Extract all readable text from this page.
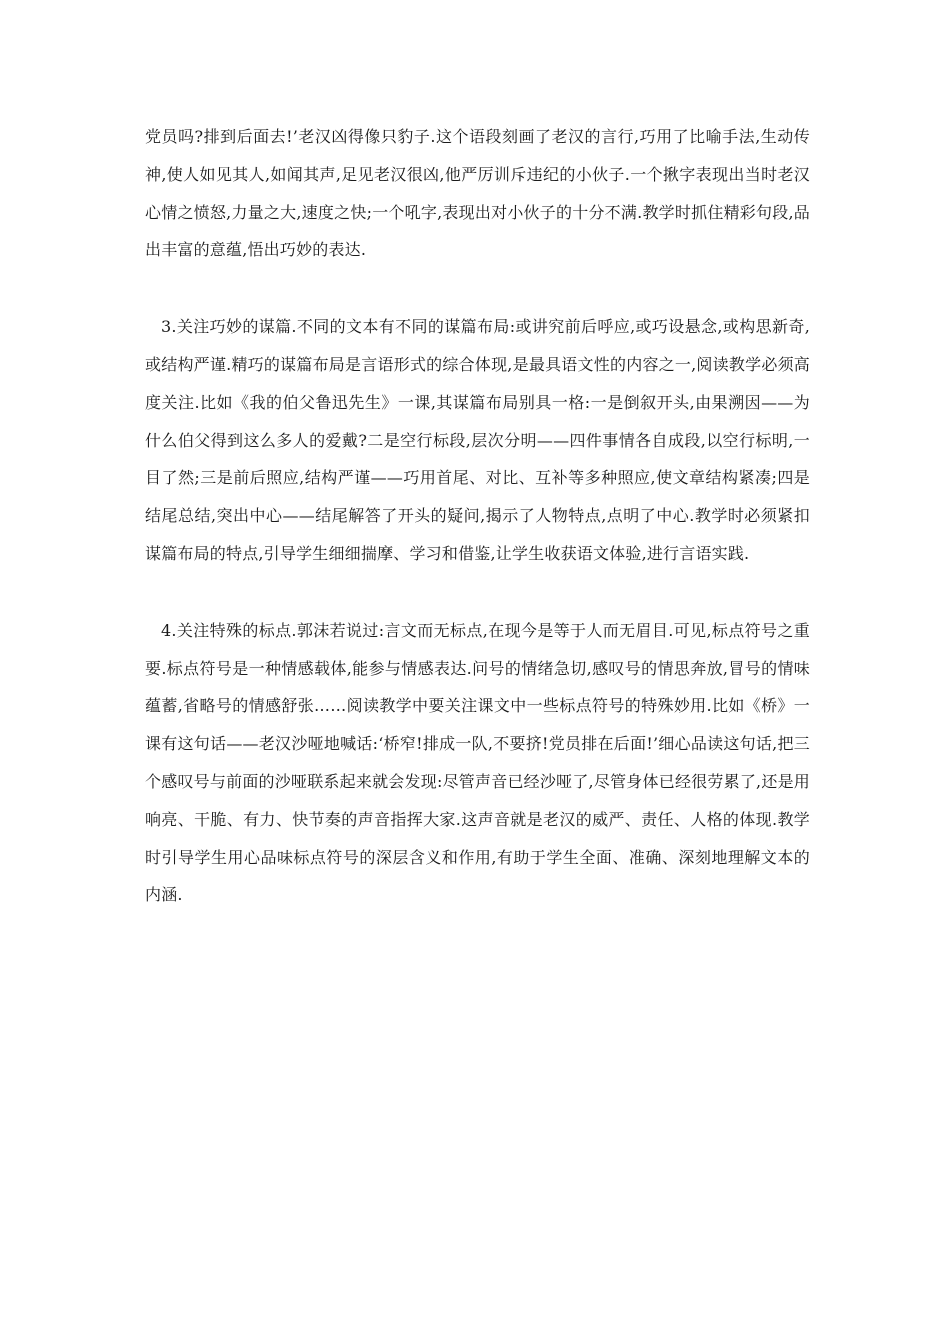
党员吗?排到后面去!’老汉凶得像只豹子.这个语段刻画了老汉的言行,巧用了比喻手法,生动传神,使人如见其人,如闻其声,足见老汉很凶,他严厉训斥违纪的小伙子.一个揪字表现出当时老汉心情之愤怒,力量之大,速度之快;一个吼字,表现出对小伙子的十分不满.教学时抓住精彩句段,品出丰富的意蕴,悟出巧妙的表达.

3.关注巧妙的谋篇.不同的文本有不同的谋篇布局:或讲究前后呼应,或巧设悬念,或构思新奇,或结构严谨.精巧的谋篇布局是言语形式的综合体现,是最具语文性的内容之一,阅读教学必须高度关注.比如《我的伯父鲁迅先生》一课,其谋篇布局别具一格:一是倒叙开头,由果溯因——为什么伯父得到这么多人的爱戴?二是空行标段,层次分明——四件事情各自成段,以空行标明,一目了然;三是前后照应,结构严谨——巧用首尾、对比、互补等多种照应,使文章结构紧凑;四是结尾总结,突出中心——结尾解答了开头的疑问,揭示了人物特点,点明了中心.教学时必须紧扣谋篇布局的特点,引导学生细细揣摩、学习和借鉴,让学生收获语文体验,进行言语实践.

4.关注特殊的标点.郭沫若说过:言文而无标点,在现今是等于人而无眉目.可见,标点符号之重要.标点符号是一种情感载体,能参与情感表达.问号的情绪急切,感叹号的情思奔放,冒号的情味蕴蓄,省略号的情感舒张……阅读教学中要关注课文中一些标点符号的特殊妙用.比如《桥》一课有这句话——老汉沙哑地喊话:‘桥窄!排成一队,不要挤!党员排在后面!’细心品读这句话,把三个感叹号与前面的沙哑联系起来就会发现:尽管声音已经沙哑了,尽管身体已经很劳累了,还是用响亮、干脆、有力、快节奏的声音指挥大家.这声音就是老汉的威严、责任、人格的体现.教学时引导学生用心品味标点符号的深层含义和作用,有助于学生全面、准确、深刻地理解文本的内涵.
